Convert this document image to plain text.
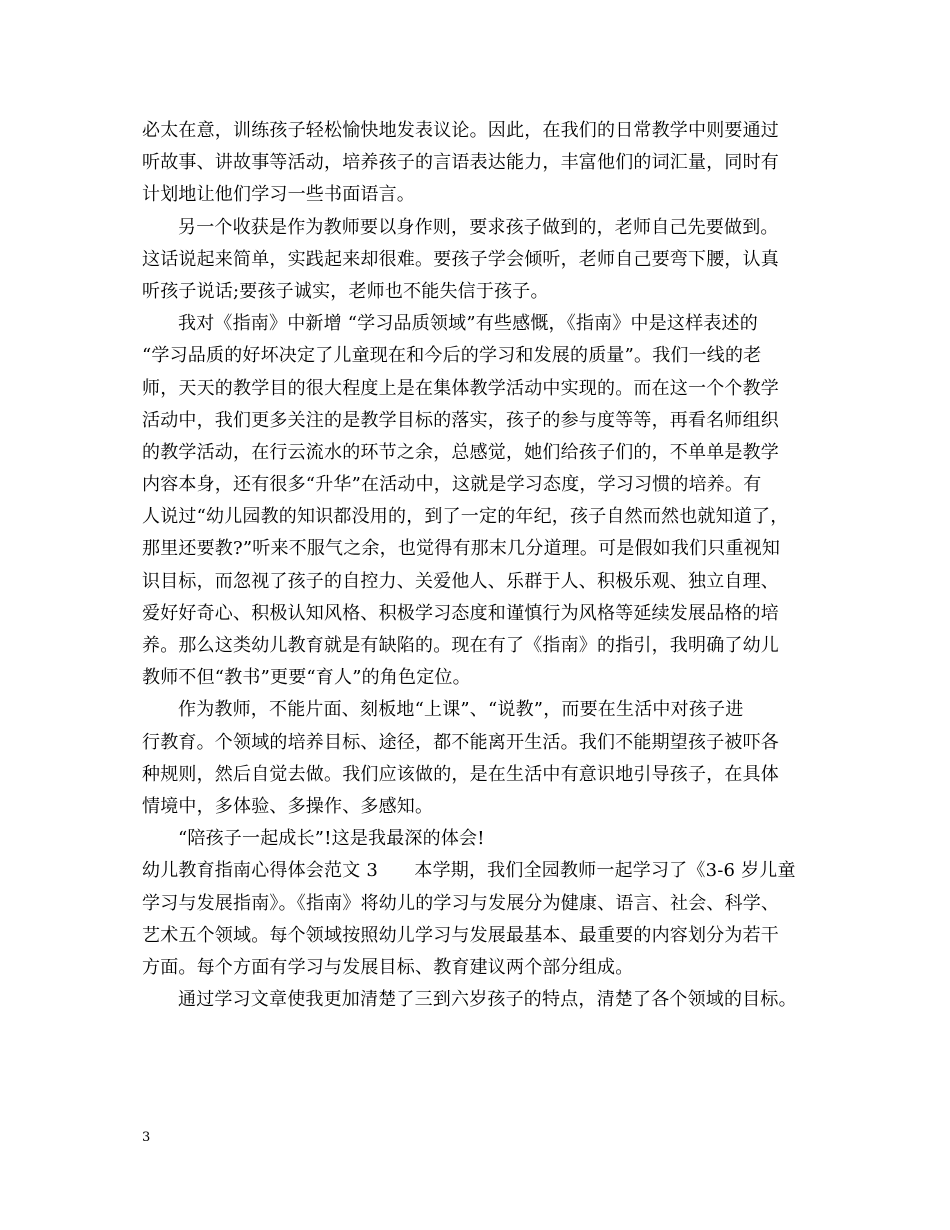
必太在意，训练孩子轻松愉快地发表议论。因此，在我们的日常教学中则要通过
听故事、讲故事等活动，培养孩子的言语表达能力，丰富他们的词汇量，同时有
计划地让他们学习一些书面语言。
另一个收获是作为教师要以身作则，要求孩子做到的，老师自己先要做到。
这话说起来简单，实践起来却很难。要孩子学会倾听，老师自己要弯下腰，认真
听孩子说话;要孩子诚实，老师也不能失信于孩子。
我对《指南》中新增 “学习品质领域”有些感慨，《指南》中是这样表述的
“学习品质的好坏决定了儿童现在和今后的学习和发展的质量”。我们一线的老
师，天天的教学目的很大程度上是在集体教学活动中实现的。而在这一个个教学
活动中，我们更多关注的是教学目标的落实，孩子的参与度等等，再看名师组织
的教学活动，在行云流水的环节之余，总感觉，她们给孩子们的，不单单是教学
内容本身，还有很多“升华”在活动中，这就是学习态度，学习习惯的培养。有
人说过“幼儿园教的知识都没用的，到了一定的年纪，孩子自然而然也就知道了，
那里还要教?”听来不服气之余，也觉得有那末几分道理。可是假如我们只重视知
识目标，而忽视了孩子的自控力、关爱他人、乐群于人、积极乐观、独立自理、
爱好好奇心、积极认知风格、积极学习态度和谨慎行为风格等延续发展品格的培
养。那么这类幼儿教育就是有缺陷的。现在有了《指南》的指引，我明确了幼儿
教师不但“教书”更要“育人”的角色定位。
作为教师，不能片面、刻板地“上课”、“说教”，而要在生活中对孩子进
行教育。个领域的培养目标、途径，都不能离开生活。我们不能期望孩子被吓各
种规则，然后自觉去做。我们应该做的，是在生活中有意识地引导孩子，在具体
情境中，多体验、多操作、多感知。
“陪孩子一起成长”!这是我最深的体会!
幼儿教育指南心得体会范文 3　　本学期，我们全园教师一起学习了《3-6 岁儿童
学习与发展指南》。《指南》将幼儿的学习与发展分为健康、语言、社会、科学、
艺术五个领域。每个领域按照幼儿学习与发展最基本、最重要的内容划分为若干
方面。每个方面有学习与发展目标、教育建议两个部分组成。
通过学习文章使我更加清楚了三到六岁孩子的特点，清楚了各个领域的目标。
3
